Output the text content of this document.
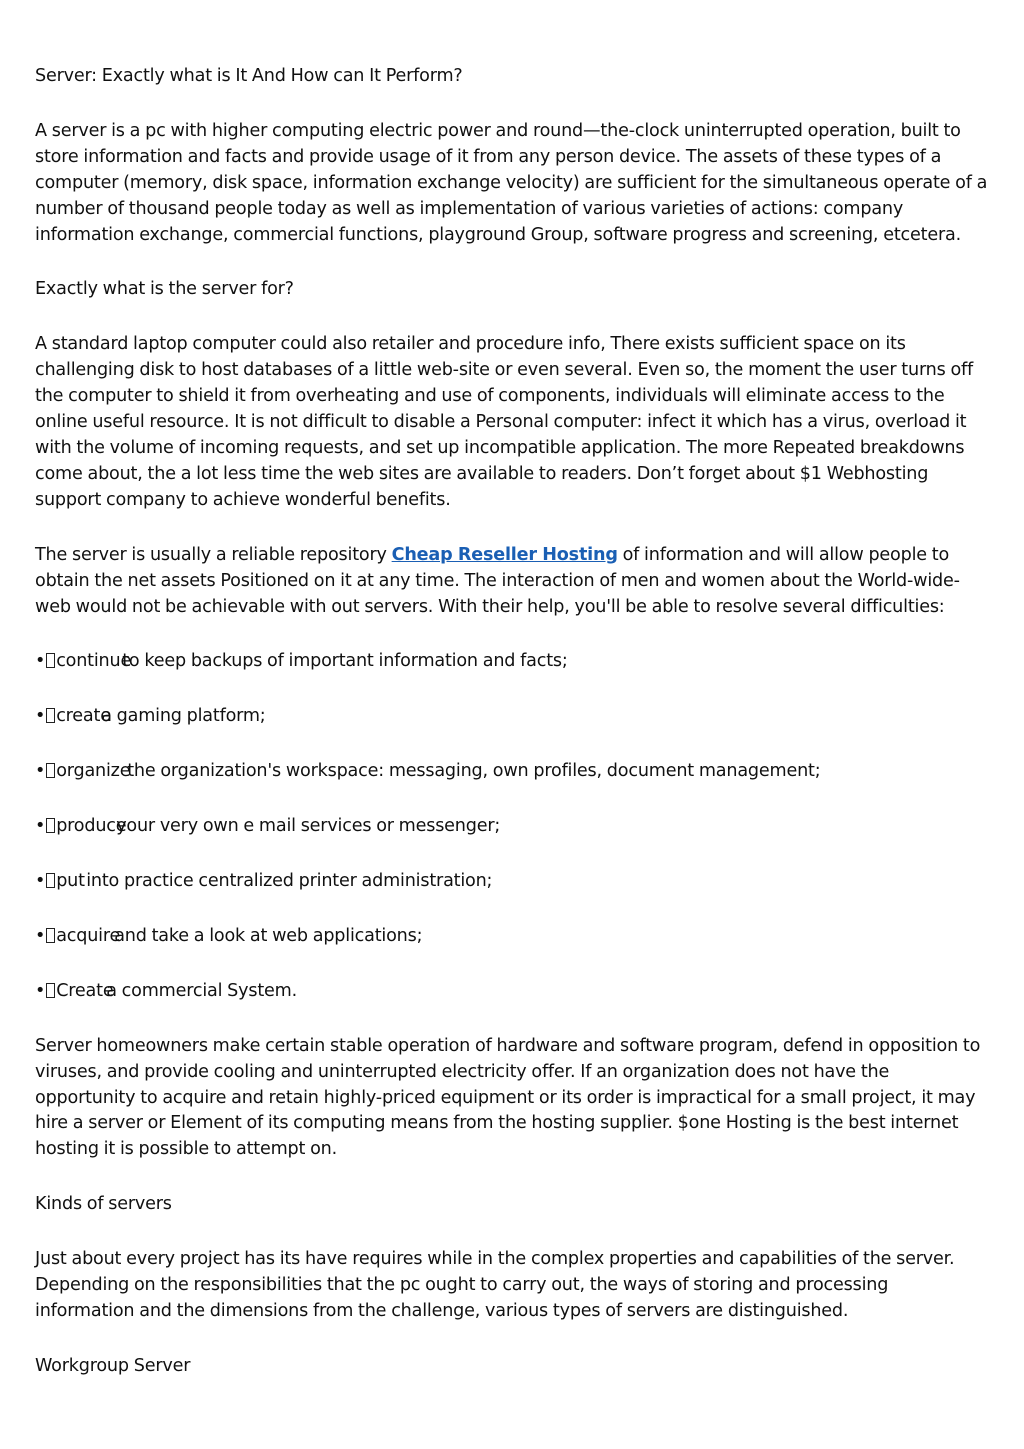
Server: Exactly what is It And How can It Perform?

A server is a pc with higher computing electric power and round—the-clock uninterrupted operation, built to store information and facts and provide usage of it from any person device. The assets of these types of a computer (memory, disk space, information exchange velocity) are sufficient for the simultaneous operate of a number of thousand people today as well as implementation of various varieties of actions: company information exchange, commercial functions, playground Group, software progress and screening, etcetera.

Exactly what is the server for?

A standard laptop computer could also retailer and procedure info, There exists sufficient space on its challenging disk to host databases of a little web-site or even several. Even so, the moment the user turns off the computer to shield it from overheating and use of components, individuals will eliminate access to the online useful resource. It is not difficult to disable a Personal computer: infect it which has a virus, overload it with the volume of incoming requests, and set up incompatible application. The more Repeated breakdowns come about, the a lot less time the web sites are available to readers. Don’t forget about $1 Webhosting support company to achieve wonderful benefits.

The server is usually a reliable repository Cheap Reseller Hosting of information and will allow people to obtain the net assets Positioned on it at any time. The interaction of men and women about the World-wide-web would not be achievable with out servers. With their help, you'll be able to resolve several difficulties:

• continueto keep backups of important information and facts;

• createa gaming platform;

• organizethe organization's workspace: messaging, own profiles, document management;

• produceyour very own e mail services or messenger;

• putinto practice centralized printer administration;

• acquireand take a look at web applications;

• Createa commercial System.

Server homeowners make certain stable operation of hardware and software program, defend in opposition to viruses, and provide cooling and uninterrupted electricity offer. If an organization does not have the opportunity to acquire and retain highly-priced equipment or its order is impractical for a small project, it may hire a server or Element of its computing means from the hosting supplier. $one Hosting is the best internet hosting it is possible to attempt on.

Kinds of servers

Just about every project has its have requires while in the complex properties and capabilities of the server. Depending on the responsibilities that the pc ought to carry out, the ways of storing and processing information and the dimensions from the challenge, various types of servers are distinguished.

Workgroup Server
